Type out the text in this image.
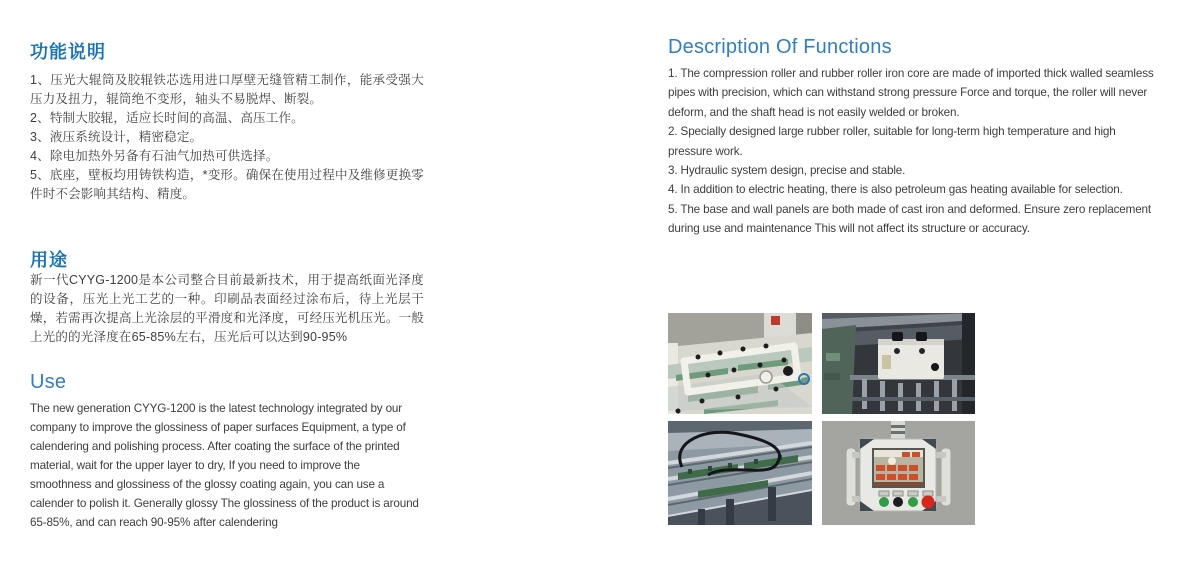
功能说明

1、压光大辊筒及胶辊铁芯选用进口厚壁无缝管精工制作，能承受强大压力及扭力，辊筒绝不变形，轴头不易脱焊、断裂。

2、特制大胶辊，适应长时间的高温、高压工作。

3、液压系统设计，精密稳定。

4、除电加热外另备有石油气加热可供选择。

5、底座，壁板均用铸铁构造，*变形。确保在使用过程中及维修更换零件时不会影响其结构、精度。

用途
新一代CYYG-1200是本公司整合目前最新技术，用于提高纸面光泽度的设备，压光上光工艺的一种。印刷品表面经过涂布后，待上光层干燥，若需再次提高上光涂层的平滑度和光泽度，可经压光机压光。一般上光的的光泽度在65-85%左右，压光后可以达到90-95%
Use
The new generation CYYG-1200 is the latest technology integrated by our company to improve the glossiness of paper surfaces Equipment, a type of calendering and polishing process. After coating the surface of the printed material, wait for the upper layer to dry, If you need to improve the smoothness and glossiness of the glossy coating again, you can use a calender to polish it. Generally glossy The glossiness of the product is around 65-85%, and can reach 90-95% after calendering
Description Of Functions

1. The compression roller and rubber roller iron core are made of imported thick walled seamless pipes with precision, which can withstand strong pressure Force and torque, the roller will never deform, and the shaft head is not easily welded or broken.

2. Specially designed large rubber roller, suitable for long-term high temperature and high pressure work.

3. Hydraulic system design, precise and stable.

4. In addition to electric heating, there is also petroleum gas heating available for selection.

5. The base and wall panels are both made of cast iron and deformed. Ensure zero replacement during use and maintenance This will not affect its structure or accuracy.
